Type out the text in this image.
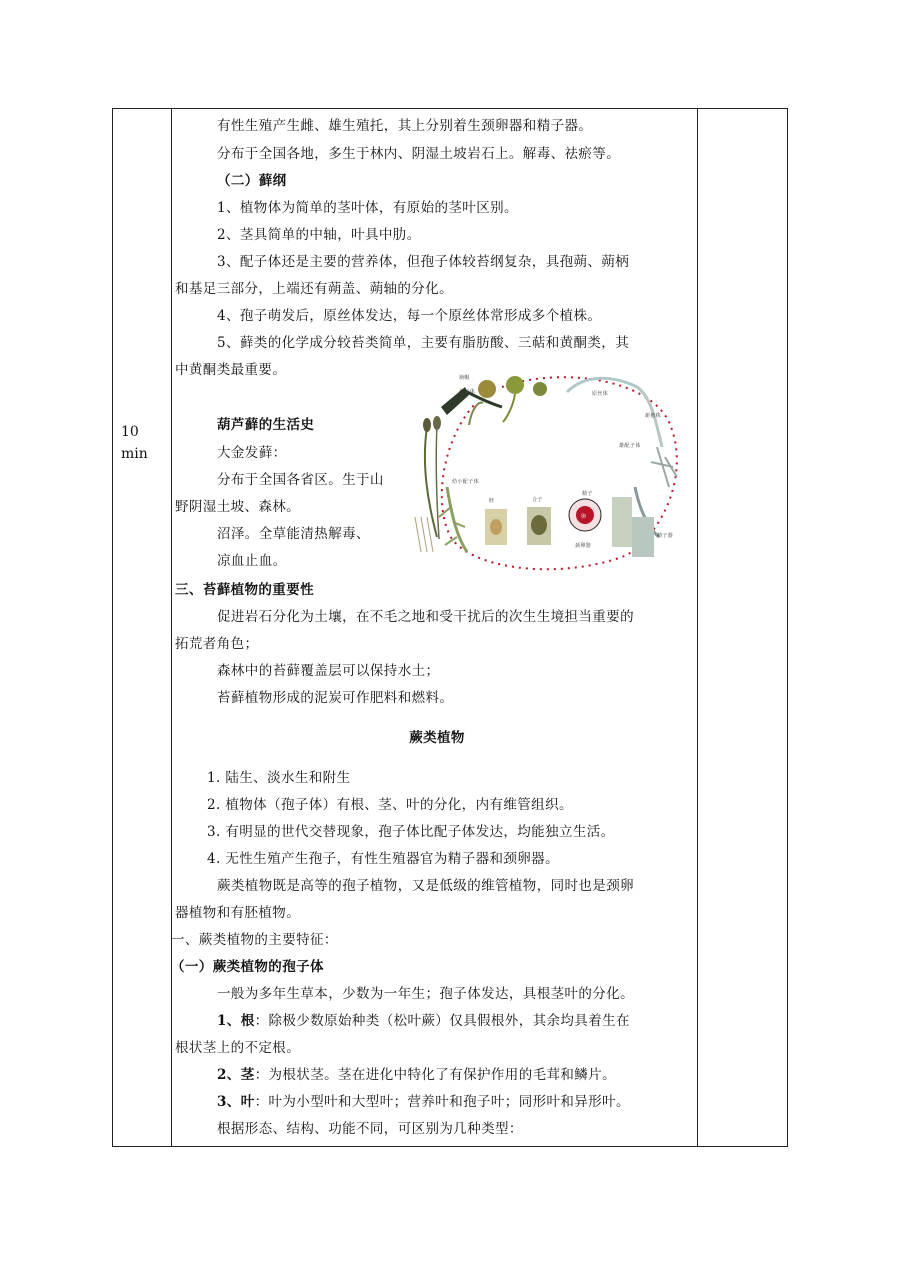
10
min
有性生殖产生雌、雄生殖托，其上分别着生颈卵器和精子器。
分布于全国各地，多生于林内、阴湿土坡岩石上。解毒、祛瘀等。
（二）藓纲
1、植物体为简单的茎叶体，有原始的茎叶区别。
2、茎具简单的中轴，叶具中肋。
3、配子体还是主要的营养体，但孢子体较苔纲复杂，具孢蒴、蒴柄
和基足三部分，上端还有蒴盖、蒴轴的分化。
4、孢子萌发后，原丝体发达，每一个原丝体常形成多个植株。
5、藓类的化学成分较苔类简单，主要有脂肪酸、三萜和黄酮类，其
中黄酮类最重要。
葫芦藓的生活史
大金发藓：
分布于全国各省区。生于山
野阴湿土坡、森林。
沼泽。全草能清热解毒、
凉血止血。
蒴帽
孢子体	原丝体
幼小配子体
胚	合子
精子
卵
颈卵器
精子器
新植株
雄配子体
三、苔藓植物的重要性
促进岩石分化为土壤，在不毛之地和受干扰后的次生生境担当重要的
拓荒者角色；
森林中的苔藓覆盖层可以保持水土；
苔藓植物形成的泥炭可作肥料和燃料。
蕨类植物
1. 陆生、淡水生和附生
2. 植物体（孢子体）有根、茎、叶的分化，内有维管组织。
3. 有明显的世代交替现象，孢子体比配子体发达，均能独立生活。
4. 无性生殖产生孢子，有性生殖器官为精子器和颈卵器。
蕨类植物既是高等的孢子植物，又是低级的维管植物，同时也是颈卵
器植物和有胚植物。
一、蕨类植物的主要特征：
（一）蕨类植物的孢子体
一般为多年生草本，少数为一年生；孢子体发达，具根茎叶的分化。
1、根：除极少数原始种类（松叶蕨）仅具假根外，其余均具着生在
根状茎上的不定根。
2、茎：为根状茎。茎在进化中特化了有保护作用的毛茸和鳞片。
3、叶：叶为小型叶和大型叶；营养叶和孢子叶；同形叶和异形叶。
根据形态、结构、功能不同，可区别为几种类型：
